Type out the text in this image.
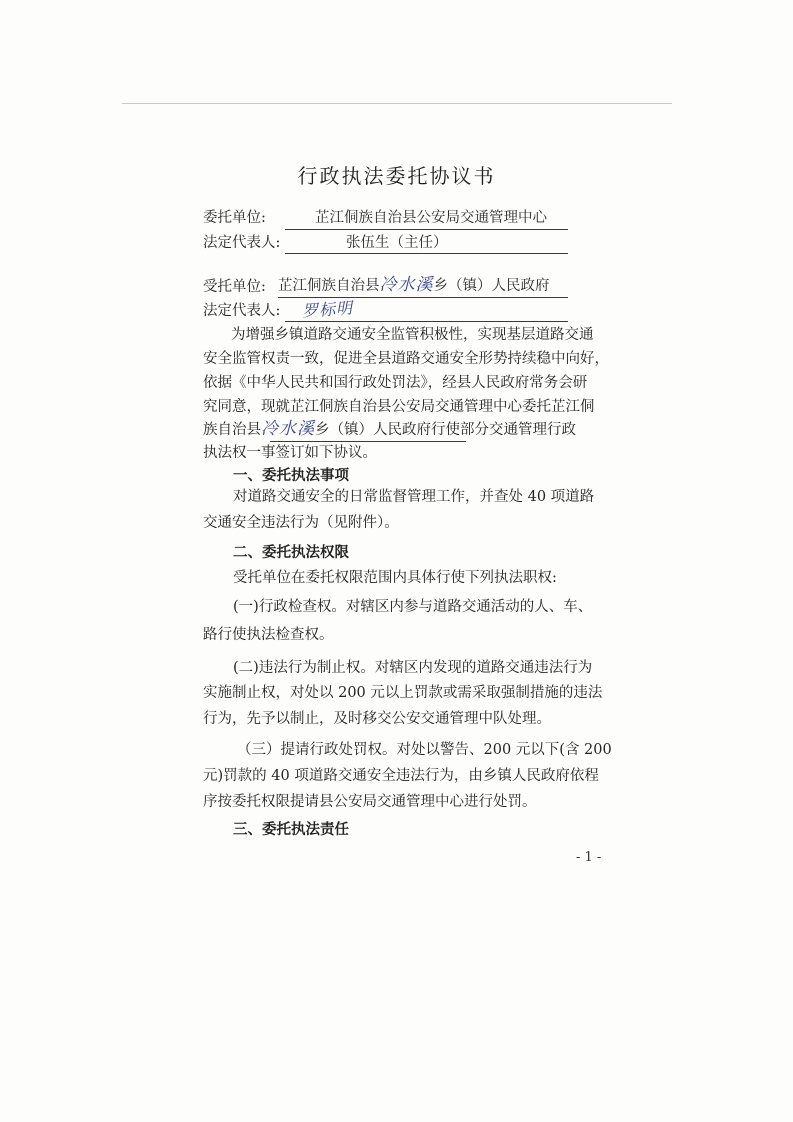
行政执法委托协议书
委托单位:	芷江侗族自治县公安局交通管理中心
法定代表人:	张伍生（主任）
受托单位: 芷江侗族自治县冷水溪乡（镇）人民政府
法定代表人: 罗标明
为增强乡镇道路交通安全监管积极性，实现基层道路交通
安全监管权责一致，促进全县道路交通安全形势持续稳中向好，
依据《中华人民共和国行政处罚法》，经县人民政府常务会研
究同意，现就芷江侗族自治县公安局交通管理中心委托芷江侗
族自治县冷水溪乡（镇）人民政府行使部分交通管理行政
执法权一事签订如下协议。
一、委托执法事项
对道路交通安全的日常监督管理工作，并查处 40 项道路
交通安全违法行为（见附件）。
二、委托执法权限
受托单位在委托权限范围内具体行使下列执法职权:
(一)行政检查权。对辖区内参与道路交通活动的人、车、
路行使执法检查权。
(二)违法行为制止权。对辖区内发现的道路交通违法行为
实施制止权，对处以 200 元以上罚款或需采取强制措施的违法
行为，先予以制止，及时移交公安交通管理中队处理。
（三）提请行政处罚权。对处以警告、200 元以下(含 200
元)罚款的 40 项道路交通安全违法行为，由乡镇人民政府依程
序按委托权限提请县公安局交通管理中心进行处罚。
三、委托执法责任
- 1 -
